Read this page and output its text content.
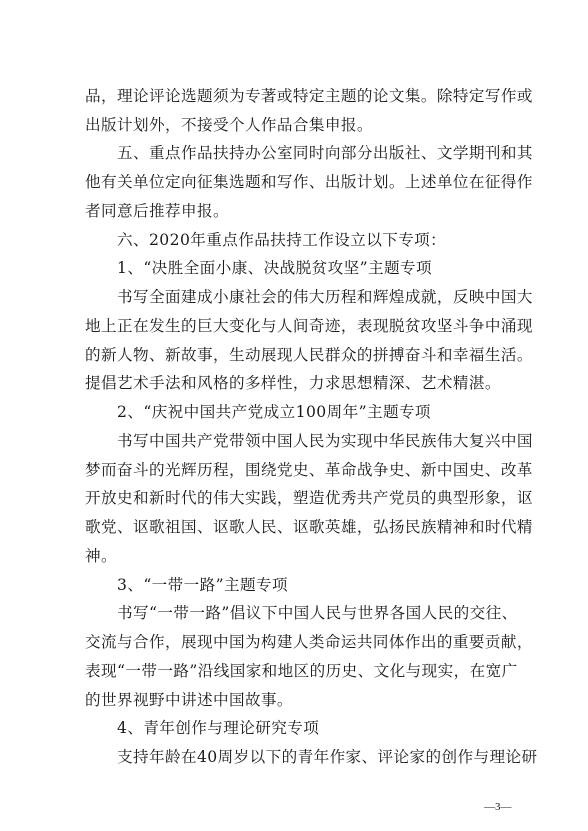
品，理论评论选题须为专著或特定主题的论文集。除特定写作或
出版计划外，不接受个人作品合集申报。
五、重点作品扶持办公室同时向部分出版社、文学期刊和其
他有关单位定向征集选题和写作、出版计划。上述单位在征得作
者同意后推荐申报。
六、2020年重点作品扶持工作设立以下专项：
1、“决胜全面小康、决战脱贫攻坚”主题专项
书写全面建成小康社会的伟大历程和辉煌成就，反映中国大
地上正在发生的巨大变化与人间奇迹，表现脱贫攻坚斗争中涌现
的新人物、新故事，生动展现人民群众的拼搏奋斗和幸福生活。
提倡艺术手法和风格的多样性，力求思想精深、艺术精湛。
2、“庆祝中国共产党成立100周年”主题专项
书写中国共产党带领中国人民为实现中华民族伟大复兴中国
梦而奋斗的光辉历程，围绕党史、革命战争史、新中国史、改革
开放史和新时代的伟大实践，塑造优秀共产党员的典型形象，讴
歌党、讴歌祖国、讴歌人民、讴歌英雄，弘扬民族精神和时代精
神。
3、“一带一路”主题专项
书写“一带一路”倡议下中国人民与世界各国人民的交往、
交流与合作，展现中国为构建人类命运共同体作出的重要贡献，
表现“一带一路”沿线国家和地区的历史、文化与现实，在宽广
的世界视野中讲述中国故事。
4、青年创作与理论研究专项
支持年龄在40周岁以下的青年作家、评论家的创作与理论研
—3—
